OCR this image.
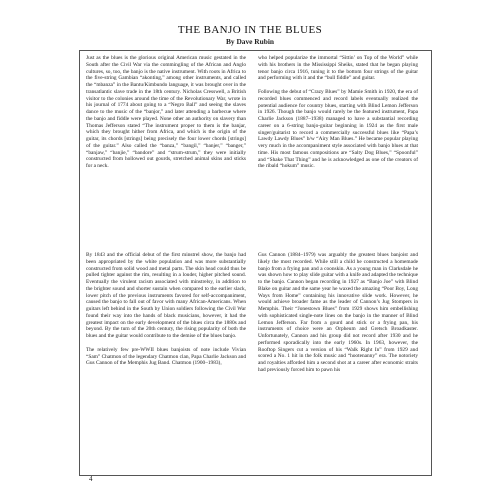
THE BANJO IN THE BLUES
By Dave Rubin

Just as the blues is the glorious original American music gestated in the South after the Civil War via the commingling of the African and Anglo cultures, so, too, the banjo is the native instrument. With roots in Africa to the five-string Gambian “akonting,” among other instruments, and called the “mbanza” in the Bantu/Kimbundo language, it was brought over in the transatlantic slave trade in the 18th century. Nicholas Cresswell, a British visitor to the colonies around the time of the Revolutionary War, wrote in his journal of 1774 about going to a “Negro Ball” and seeing the slaves dance to the music of the “banjor,” and later attending a barbecue where the banjo and fiddle were played. None other an authority on slavery than Thomas Jefferson stated “The instrument proper to them is the banjar, which they brought hither from Africa, and which is the origin of the guitar, its chords [strings] being precisely the four lower chords [strings] of the guitar.” Also called the “banza,” “bangil,” “banjer,” “banger,” “banjaw,” “banjie,” “bandore” and “strum-strum,” they were initially constructed from hollowed out gourds, stretched animal skins and sticks for a neck.

who helped popularize the immortal “Sittin’ on Top of the World” while with his brothers in the Mississippi Sheiks, stated that he began playing tenor banjo circa 1916, tuning it to the bottom four strings of the guitar and performing with it and the “bull fiddle” and guitar.

Following the debut of “Crazy Blues” by Mamie Smith in 1920, the era of recorded blues commenced and record labels eventually realized the potential audience for country blues, starting with Blind Lemon Jefferson in 1926. Though the banjo would rarely be the featured instrument, Papa Charlie Jackson (1887–1938) managed to have a substantial recording career on a 6-string banjo-guitar beginning in 1924 as the first male singer/guitarist to record a commercially successful blues like “Papa’s Lawdy Lawdy Blues” b/w “Airy Man Blues.” He became popular playing very much in the accompaniment style associated with banjo blues at that time. His most famous compositions are “Salty Dog Blues,” “Spoonful” and “Shake That Thing” and he is acknowledged as one of the creators of the ribald “hokum” music.

By 1843 and the official debut of the first minstrel show, the banjo had been appropriated by the white population and was more substantially constructed from solid wood and metal parts. The skin head could thus be pulled tighter against the rim, resulting in a louder, higher pitched sound. Eventually the virulent racism associated with minstrelsy, in addition to the brighter sound and shorter sustain when compared to the earlier slack, lower pitch of the previous instruments favored for self-accompaniment, caused the banjo to fall out of favor with many African-Americans. When guitars left behind in the South by Union soldiers following the Civil War found their way into the hands of black musicians, however, it had the greatest impact on the early development of the blues circa the 1880s and beyond. By the turn of the 20th century, the rising popularity of both the blues and the guitar would contribute to the demise of the blues banjo.

The relatively few pre-WWII blues banjoists of note include Vivian “Sam” Chatmon of the legendary Chatmon clan, Papa Charlie Jackson and Gus Cannon of the Memphis Jug Band. Chatmon (1900–1983),

Gus Cannon (1884–1979) was arguably the greatest blues banjoist and likely the most recorded. While still a child he constructed a homemade banjo from a frying pan and a coonskin. As a young man in Clarksdale he was shown how to play slide guitar with a knife and adapted the technique to the banjo. Cannon began recording in 1927 as “Banjo Joe” with Blind Blake on guitar and the same year he waxed the amazing “Poor Boy, Long Ways from Home” containing his innovative slide work. However, he would achieve broader fame as the leader of Cannon’s Jug Stompers in Memphis. Their “Jonestown Blues” from 1929 shows him embellishing with sophisticated single-note lines on the banjo in the manner of Blind Lemon Jefferson. Far from a gourd and stick or a frying pan, his instruments of choice were an Orpheum and Gretsch Broadkaster. Unfortunately, Cannon and his group did not record after 1930 and he performed sporadically into the early 1960s. In 1963, however, the Rooftop Singers cut a version of his “Walk Right In” from 1929 and scored a No. 1 hit in the folk music and “hootenanny” era. The notoriety and royalties afforded him a second shot at a career after economic straits had previously forced him to pawn his

4
